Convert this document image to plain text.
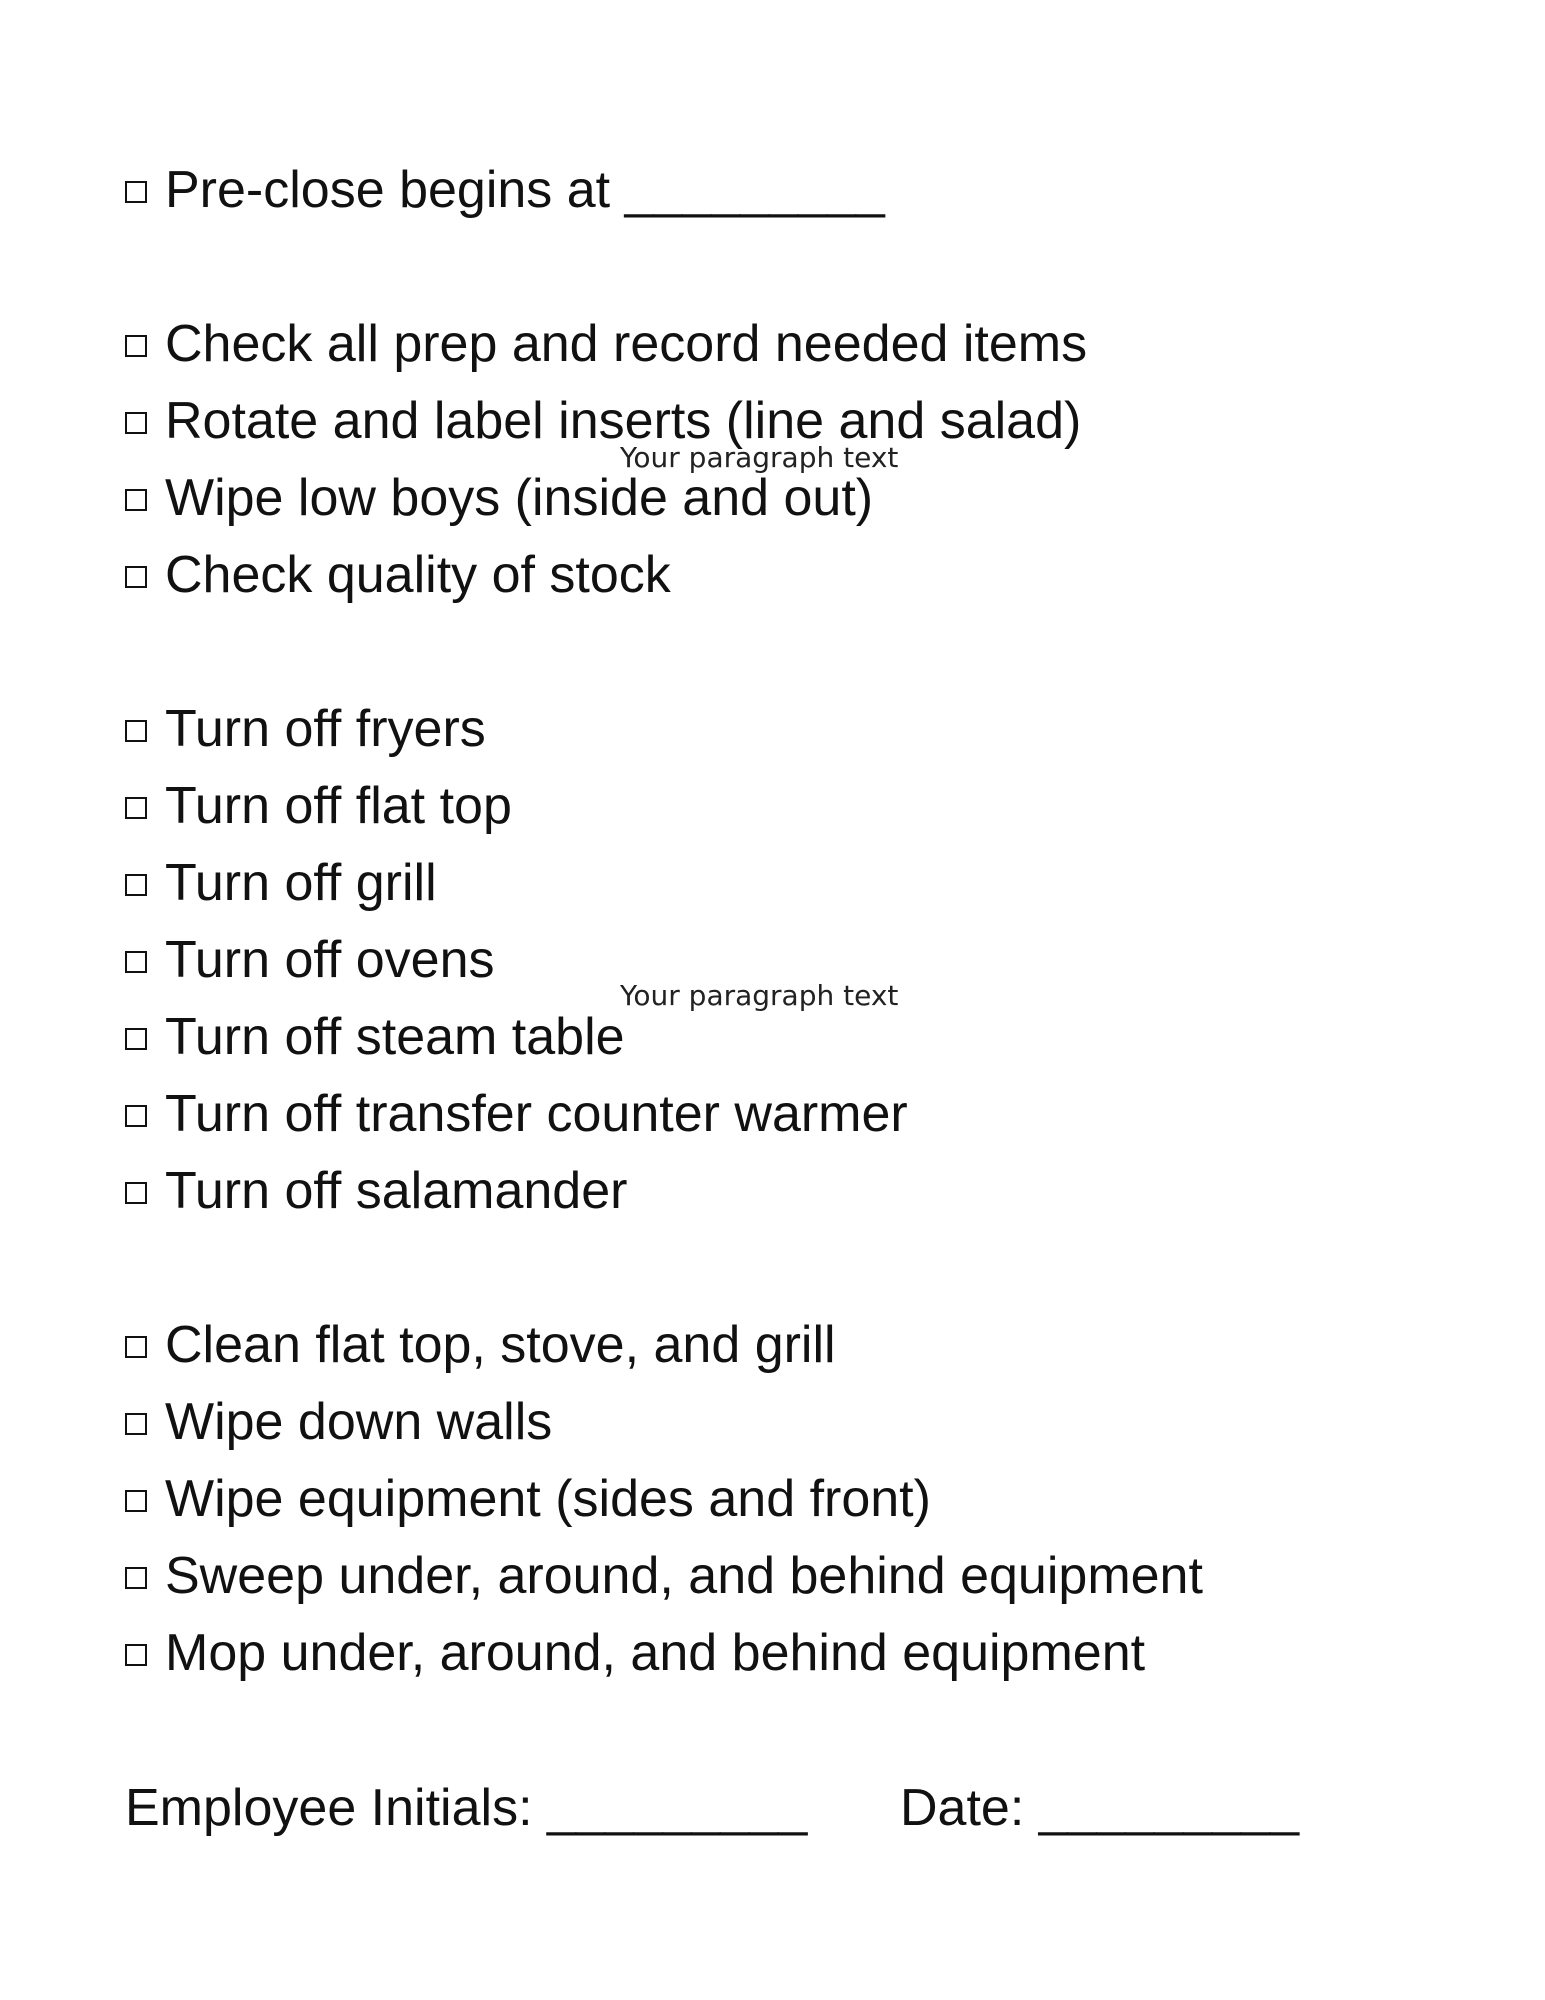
Pre-close begins at _________
Check all prep and record needed items
Rotate and label inserts (line and salad)
Wipe low boys (inside and out)
Check quality of stock
Turn off fryers
Turn off flat top
Turn off grill
Turn off ovens
Turn off steam table
Turn off transfer counter warmer
Turn off salamander
Clean flat top, stove, and grill
Wipe down walls
Wipe equipment (sides and front)
Sweep under, around, and behind equipment
Mop under, around, and behind equipment
Your paragraph text
Your paragraph text
Employee Initials: _________ Date: _________
